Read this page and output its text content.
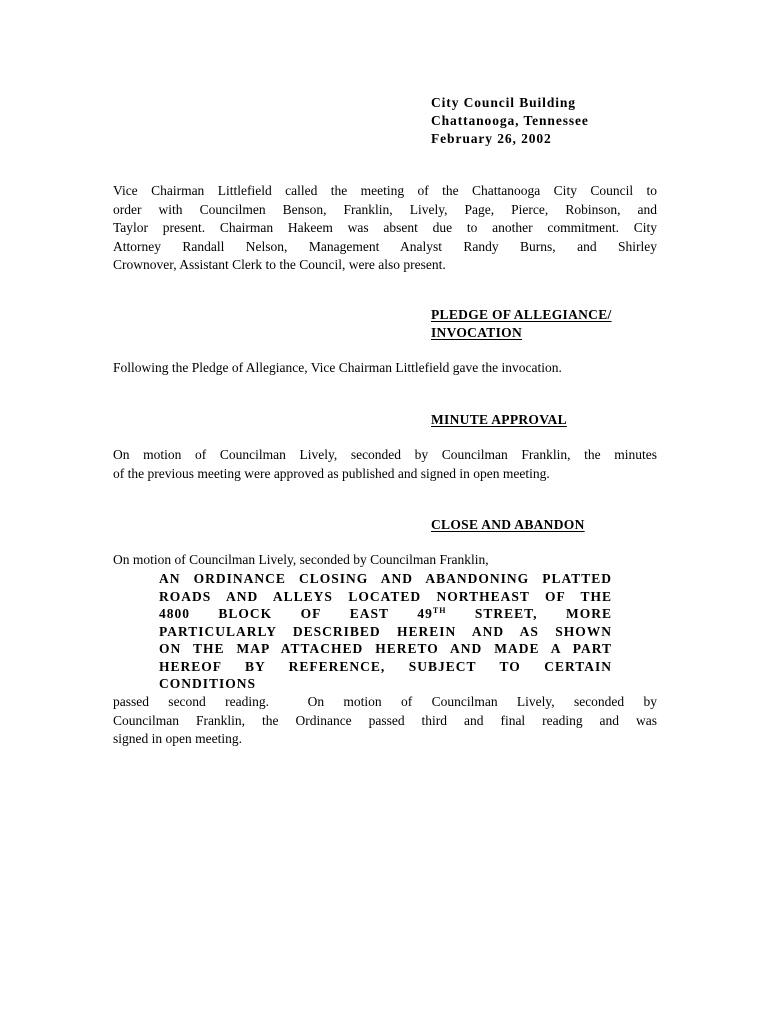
City Council Building
Chattanooga, Tennessee
February 26, 2002
Vice Chairman Littlefield called the meeting of the Chattanooga City Council to
order with Councilmen Benson, Franklin, Lively, Page, Pierce, Robinson, and
Taylor present. Chairman Hakeem was absent due to another commitment. City
Attorney Randall Nelson, Management Analyst Randy Burns, and Shirley
Crownover, Assistant Clerk to the Council, were also present.
PLEDGE OF ALLEGIANCE/
INVOCATION
Following the Pledge of Allegiance, Vice Chairman Littlefield gave the invocation.
MINUTE APPROVAL
On motion of Councilman Lively, seconded by Councilman Franklin, the minutes
of the previous meeting were approved as published and signed in open meeting.
CLOSE AND ABANDON
On motion of Councilman Lively, seconded by Councilman Franklin,
AN ORDINANCE CLOSING AND ABANDONING PLATTED
ROADS AND ALLEYS LOCATED NORTHEAST OF THE
4800 BLOCK OF EAST 49TH STREET, MORE
PARTICULARLY DESCRIBED HEREIN AND AS SHOWN
ON THE MAP ATTACHED HERETO AND MADE A PART
HEREOF BY REFERENCE, SUBJECT TO CERTAIN
CONDITIONS
passed second reading.  On motion of Councilman Lively, seconded by
Councilman Franklin, the Ordinance passed third and final reading and was
signed in open meeting.
